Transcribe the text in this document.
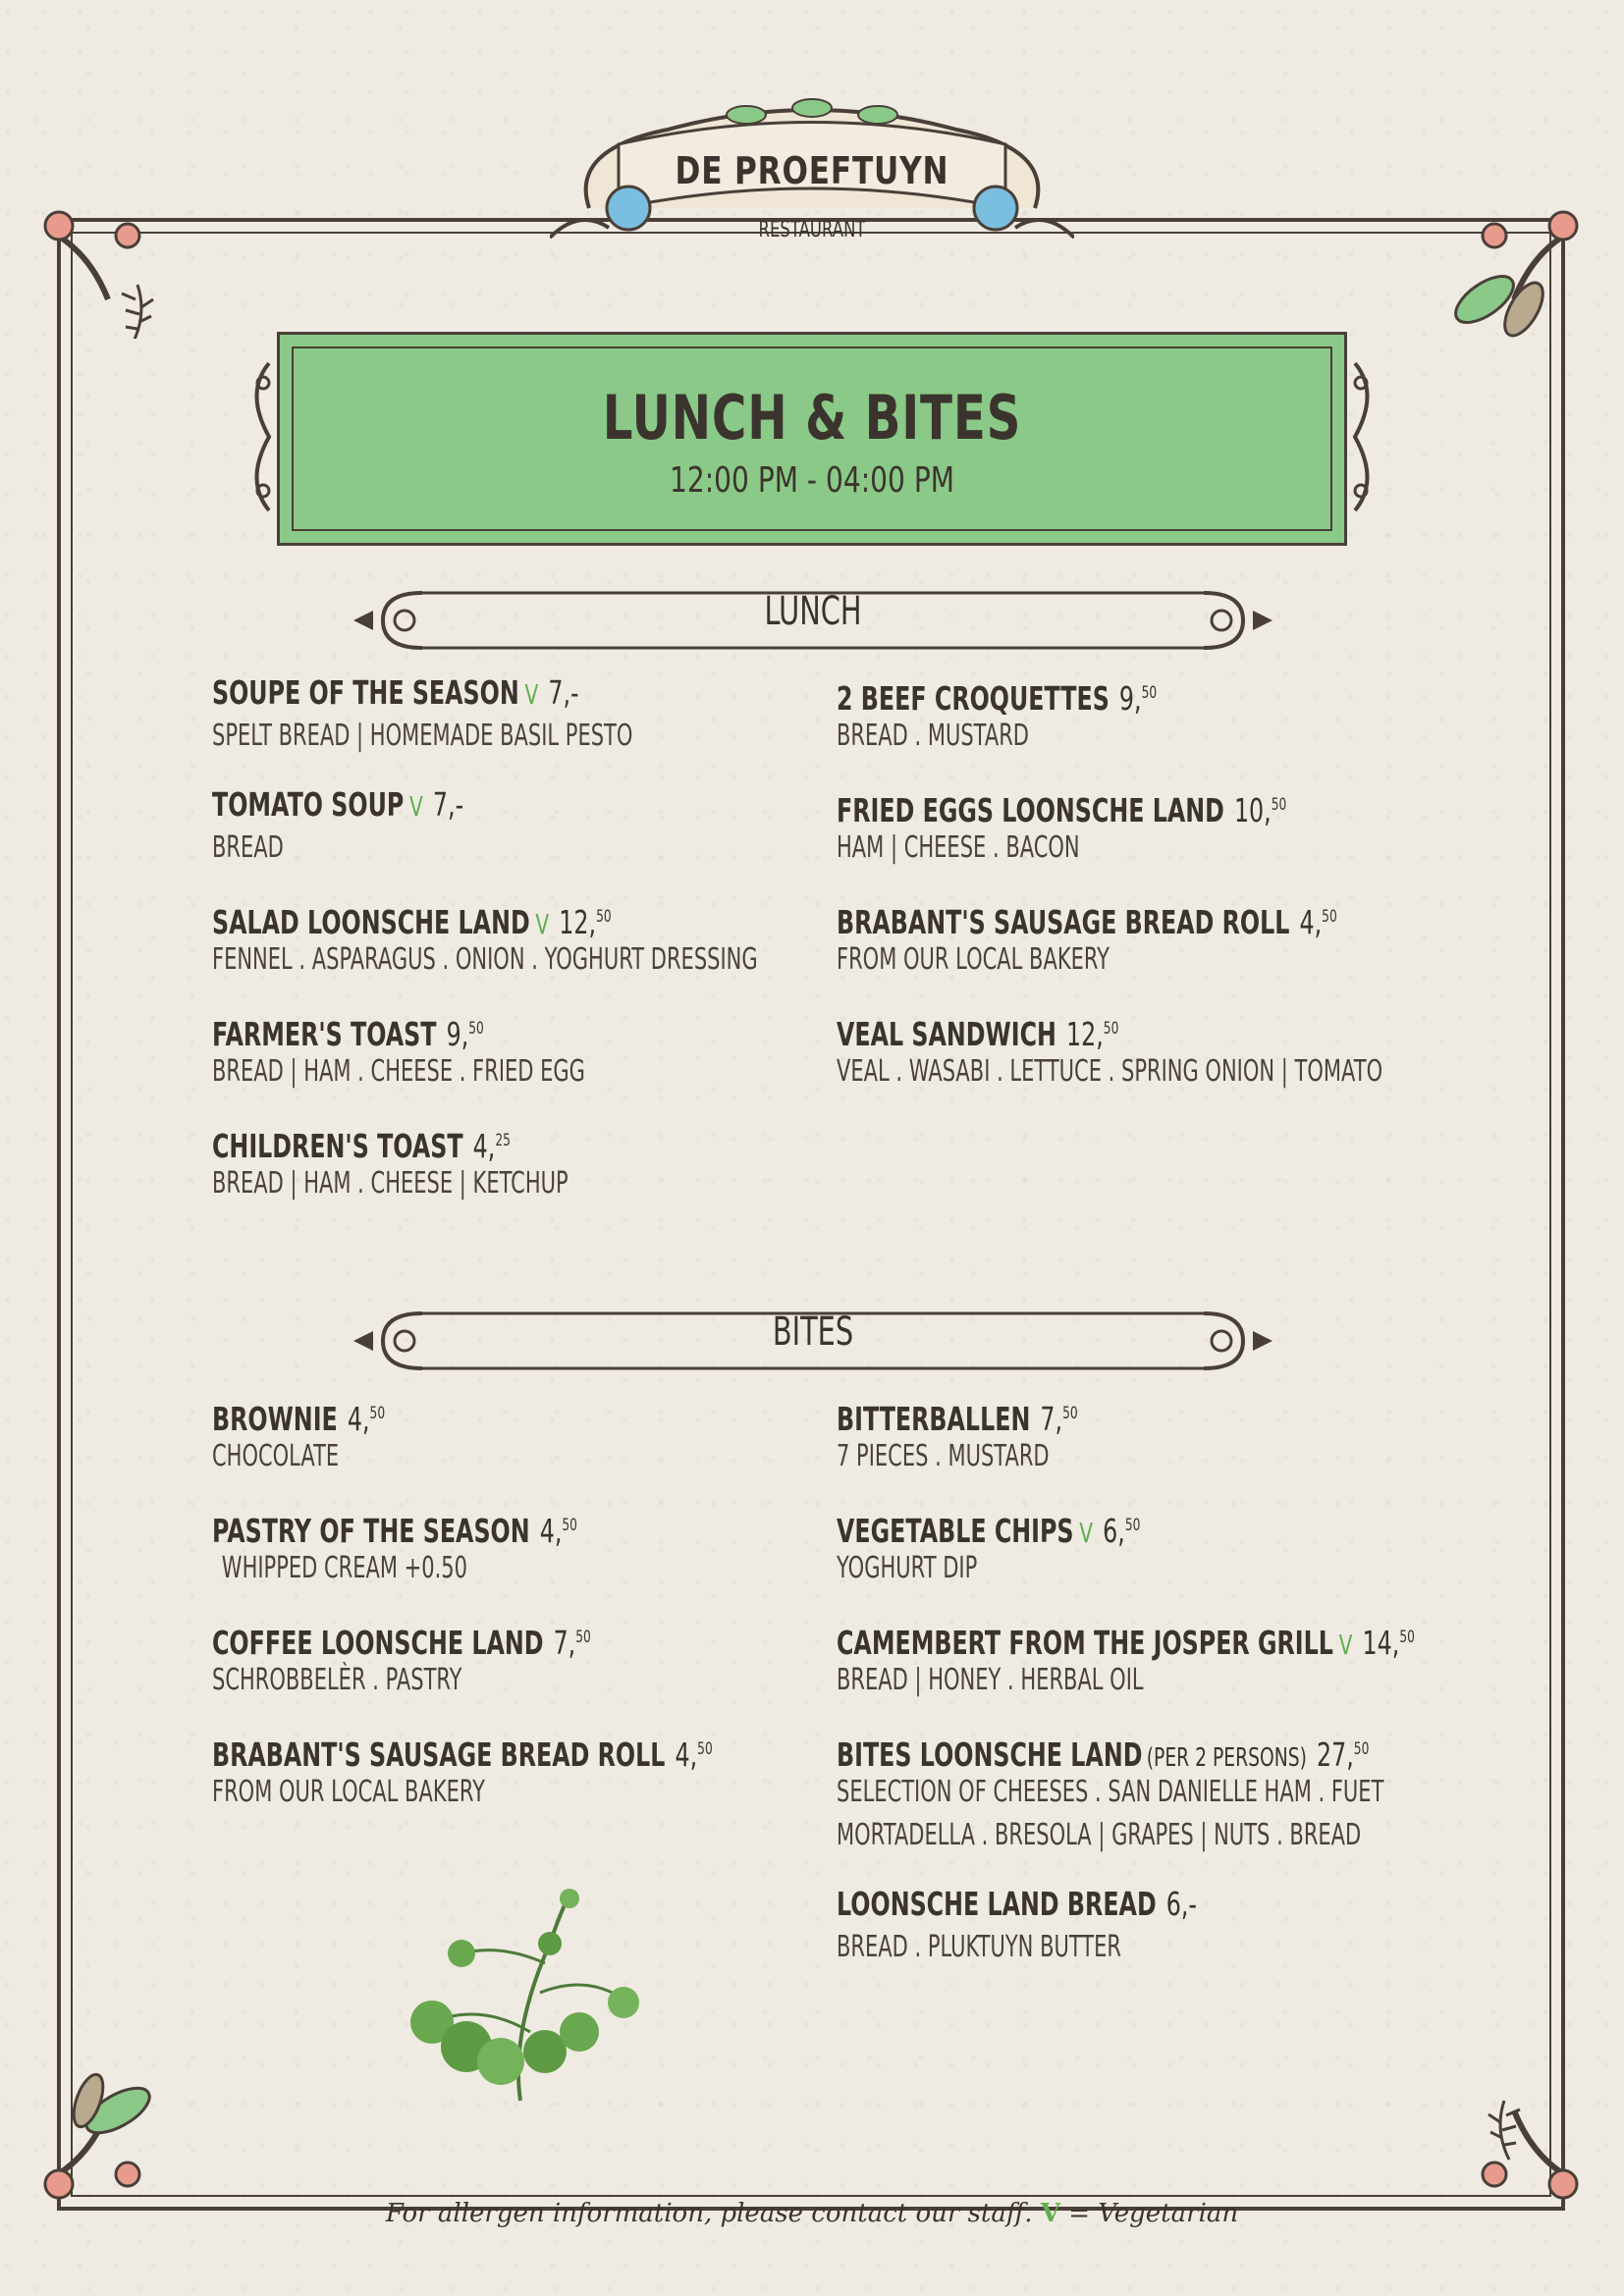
DE PROEFTUYN
RESTAURANT
LUNCH & BITES
12:00 PM - 04:00 PM
LUNCH
SOUPE OF THE SEASON V 7,-
SPELT BREAD | HOMEMADE BASIL PESTO
TOMATO SOUP V 7,-
BREAD
SALAD LOONSCHE LAND V 12,50
FENNEL . ASPARAGUS . ONION . YOGHURT DRESSING
FARMER'S TOAST 9,50
BREAD | HAM . CHEESE . FRIED EGG
CHILDREN'S TOAST 4,25
BREAD | HAM . CHEESE | KETCHUP
2 BEEF CROQUETTES 9,50
BREAD . MUSTARD
FRIED EGGS LOONSCHE LAND 10,50
HAM | CHEESE . BACON
BRABANT'S SAUSAGE BREAD ROLL 4,50
FROM OUR LOCAL BAKERY
VEAL SANDWICH 12,50
VEAL . WASABI . LETTUCE . SPRING ONION | TOMATO
BITES
BROWNIE 4,50
CHOCOLATE
PASTRY OF THE SEASON 4,50
WHIPPED CREAM +0.50
COFFEE LOONSCHE LAND 7,50
SCHROBBELÈR . PASTRY
BRABANT'S SAUSAGE BREAD ROLL 4,50
FROM OUR LOCAL BAKERY
BITTERBALLEN 7,50
7 PIECES . MUSTARD
VEGETABLE CHIPS V 6,50
YOGHURT DIP
CAMEMBERT FROM THE JOSPER GRILL V 14,50
BREAD | HONEY . HERBAL OIL
BITES LOONSCHE LAND (PER 2 PERSONS) 27,50
SELECTION OF CHEESES . SAN DANIELLE HAM . FUET
MORTADELLA . BRESOLA | GRAPES | NUTS . BREAD
LOONSCHE LAND BREAD 6,-
BREAD . PLUKTUYN BUTTER
For allergen information, please contact our staff. V = Vegetarian
